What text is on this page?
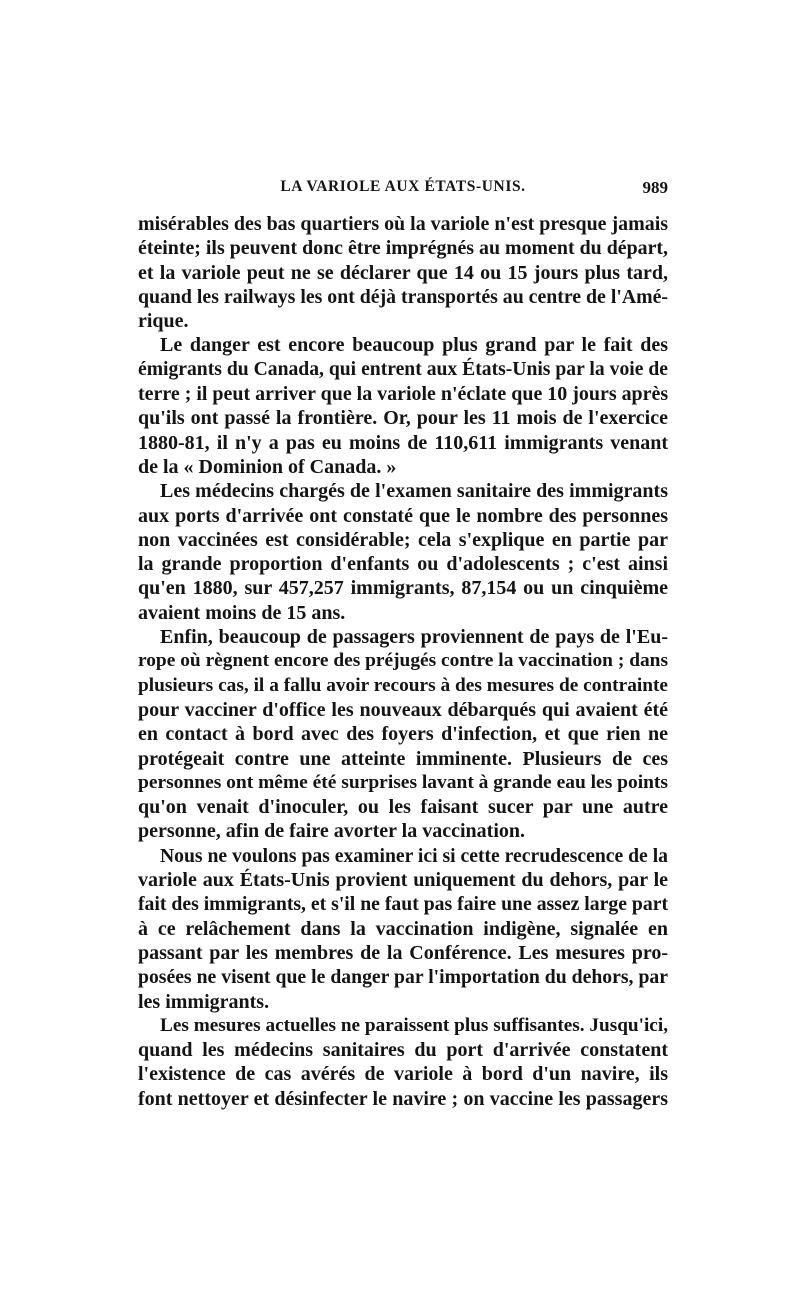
LA VARIOLE AUX ÉTATS-UNIS.	989
misérables des bas quartiers où la variole n'est presque jamais
éteinte; ils peuvent donc être imprégnés au moment du départ,
et la variole peut ne se déclarer que 14 ou 15 jours plus tard,
quand les railways les ont déjà transportés au centre de l'Amé-
rique.
Le danger est encore beaucoup plus grand par le fait des
émigrants du Canada, qui entrent aux États-Unis par la voie de
terre ; il peut arriver que la variole n'éclate que 10 jours après
qu'ils ont passé la frontière. Or, pour les 11 mois de l'exercice
1880-81, il n'y a pas eu moins de 110,611 immigrants venant
de la « Dominion of Canada. »
Les médecins chargés de l'examen sanitaire des immigrants
aux ports d'arrivée ont constaté que le nombre des personnes
non vaccinées est considérable; cela s'explique en partie par
la grande proportion d'enfants ou d'adolescents ; c'est ainsi
qu'en 1880, sur 457,257 immigrants, 87,154 ou un cinquième
avaient moins de 15 ans.
Enfin, beaucoup de passagers proviennent de pays de l'Eu-
rope où règnent encore des préjugés contre la vaccination ; dans
plusieurs cas, il a fallu avoir recours à des mesures de contrainte
pour vacciner d'office les nouveaux débarqués qui avaient été
en contact à bord avec des foyers d'infection, et que rien ne
protégeait contre une atteinte imminente. Plusieurs de ces
personnes ont même été surprises lavant à grande eau les points
qu'on venait d'inoculer, ou les faisant sucer par une autre
personne, afin de faire avorter la vaccination.
Nous ne voulons pas examiner ici si cette recrudescence de la
variole aux États-Unis provient uniquement du dehors, par le
fait des immigrants, et s'il ne faut pas faire une assez large part
à ce relâchement dans la vaccination indigène, signalée en
passant par les membres de la Conférence. Les mesures pro-
posées ne visent que le danger par l'importation du dehors, par
les immigrants.
Les mesures actuelles ne paraissent plus suffisantes. Jusqu'ici,
quand les médecins sanitaires du port d'arrivée constatent
l'existence de cas avérés de variole à bord d'un navire, ils
font nettoyer et désinfecter le navire ; on vaccine les passagers
